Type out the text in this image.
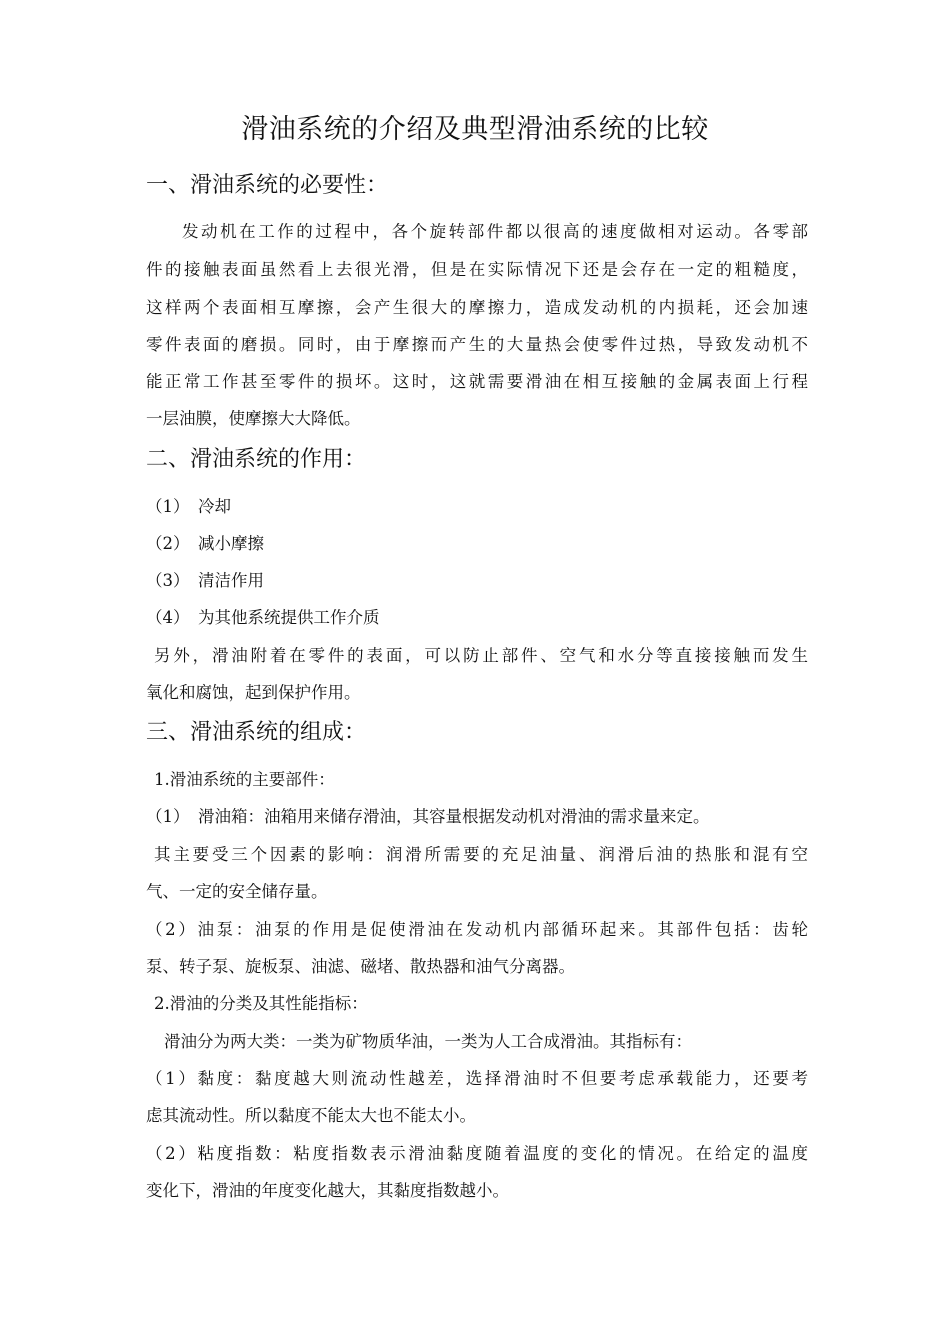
滑油系统的介绍及典型滑油系统的比较
一、滑油系统的必要性：
发动机在工作的过程中，各个旋转部件都以很高的速度做相对运动。各零部
件的接触表面虽然看上去很光滑，但是在实际情况下还是会存在一定的粗糙度，
这样两个表面相互摩擦，会产生很大的摩擦力，造成发动机的内损耗，还会加速
零件表面的磨损。同时，由于摩擦而产生的大量热会使零件过热，导致发动机不
能正常工作甚至零件的损坏。这时，这就需要滑油在相互接触的金属表面上行程
一层油膜，使摩擦大大降低。
二、滑油系统的作用：
（1） 冷却
（2） 减小摩擦
（3） 清洁作用
（4） 为其他系统提供工作介质
另外，滑油附着在零件的表面，可以防止部件、空气和水分等直接接触而发生
氧化和腐蚀，起到保护作用。
三、滑油系统的组成：
1.滑油系统的主要部件：
（1） 滑油箱：油箱用来储存滑油，其容量根据发动机对滑油的需求量来定。
其主要受三个因素的影响：润滑所需要的充足油量、润滑后油的热胀和混有空
气、一定的安全储存量。
（2）油泵：油泵的作用是促使滑油在发动机内部循环起来。其部件包括：齿轮
泵、转子泵、旋板泵、油滤、磁堵、散热器和油气分离器。
2.滑油的分类及其性能指标：
滑油分为两大类：一类为矿物质华油，一类为人工合成滑油。其指标有：
（1）黏度：黏度越大则流动性越差，选择滑油时不但要考虑承载能力，还要考
虑其流动性。所以黏度不能太大也不能太小。
（2）粘度指数：粘度指数表示滑油黏度随着温度的变化的情况。在给定的温度
变化下，滑油的年度变化越大，其黏度指数越小。
